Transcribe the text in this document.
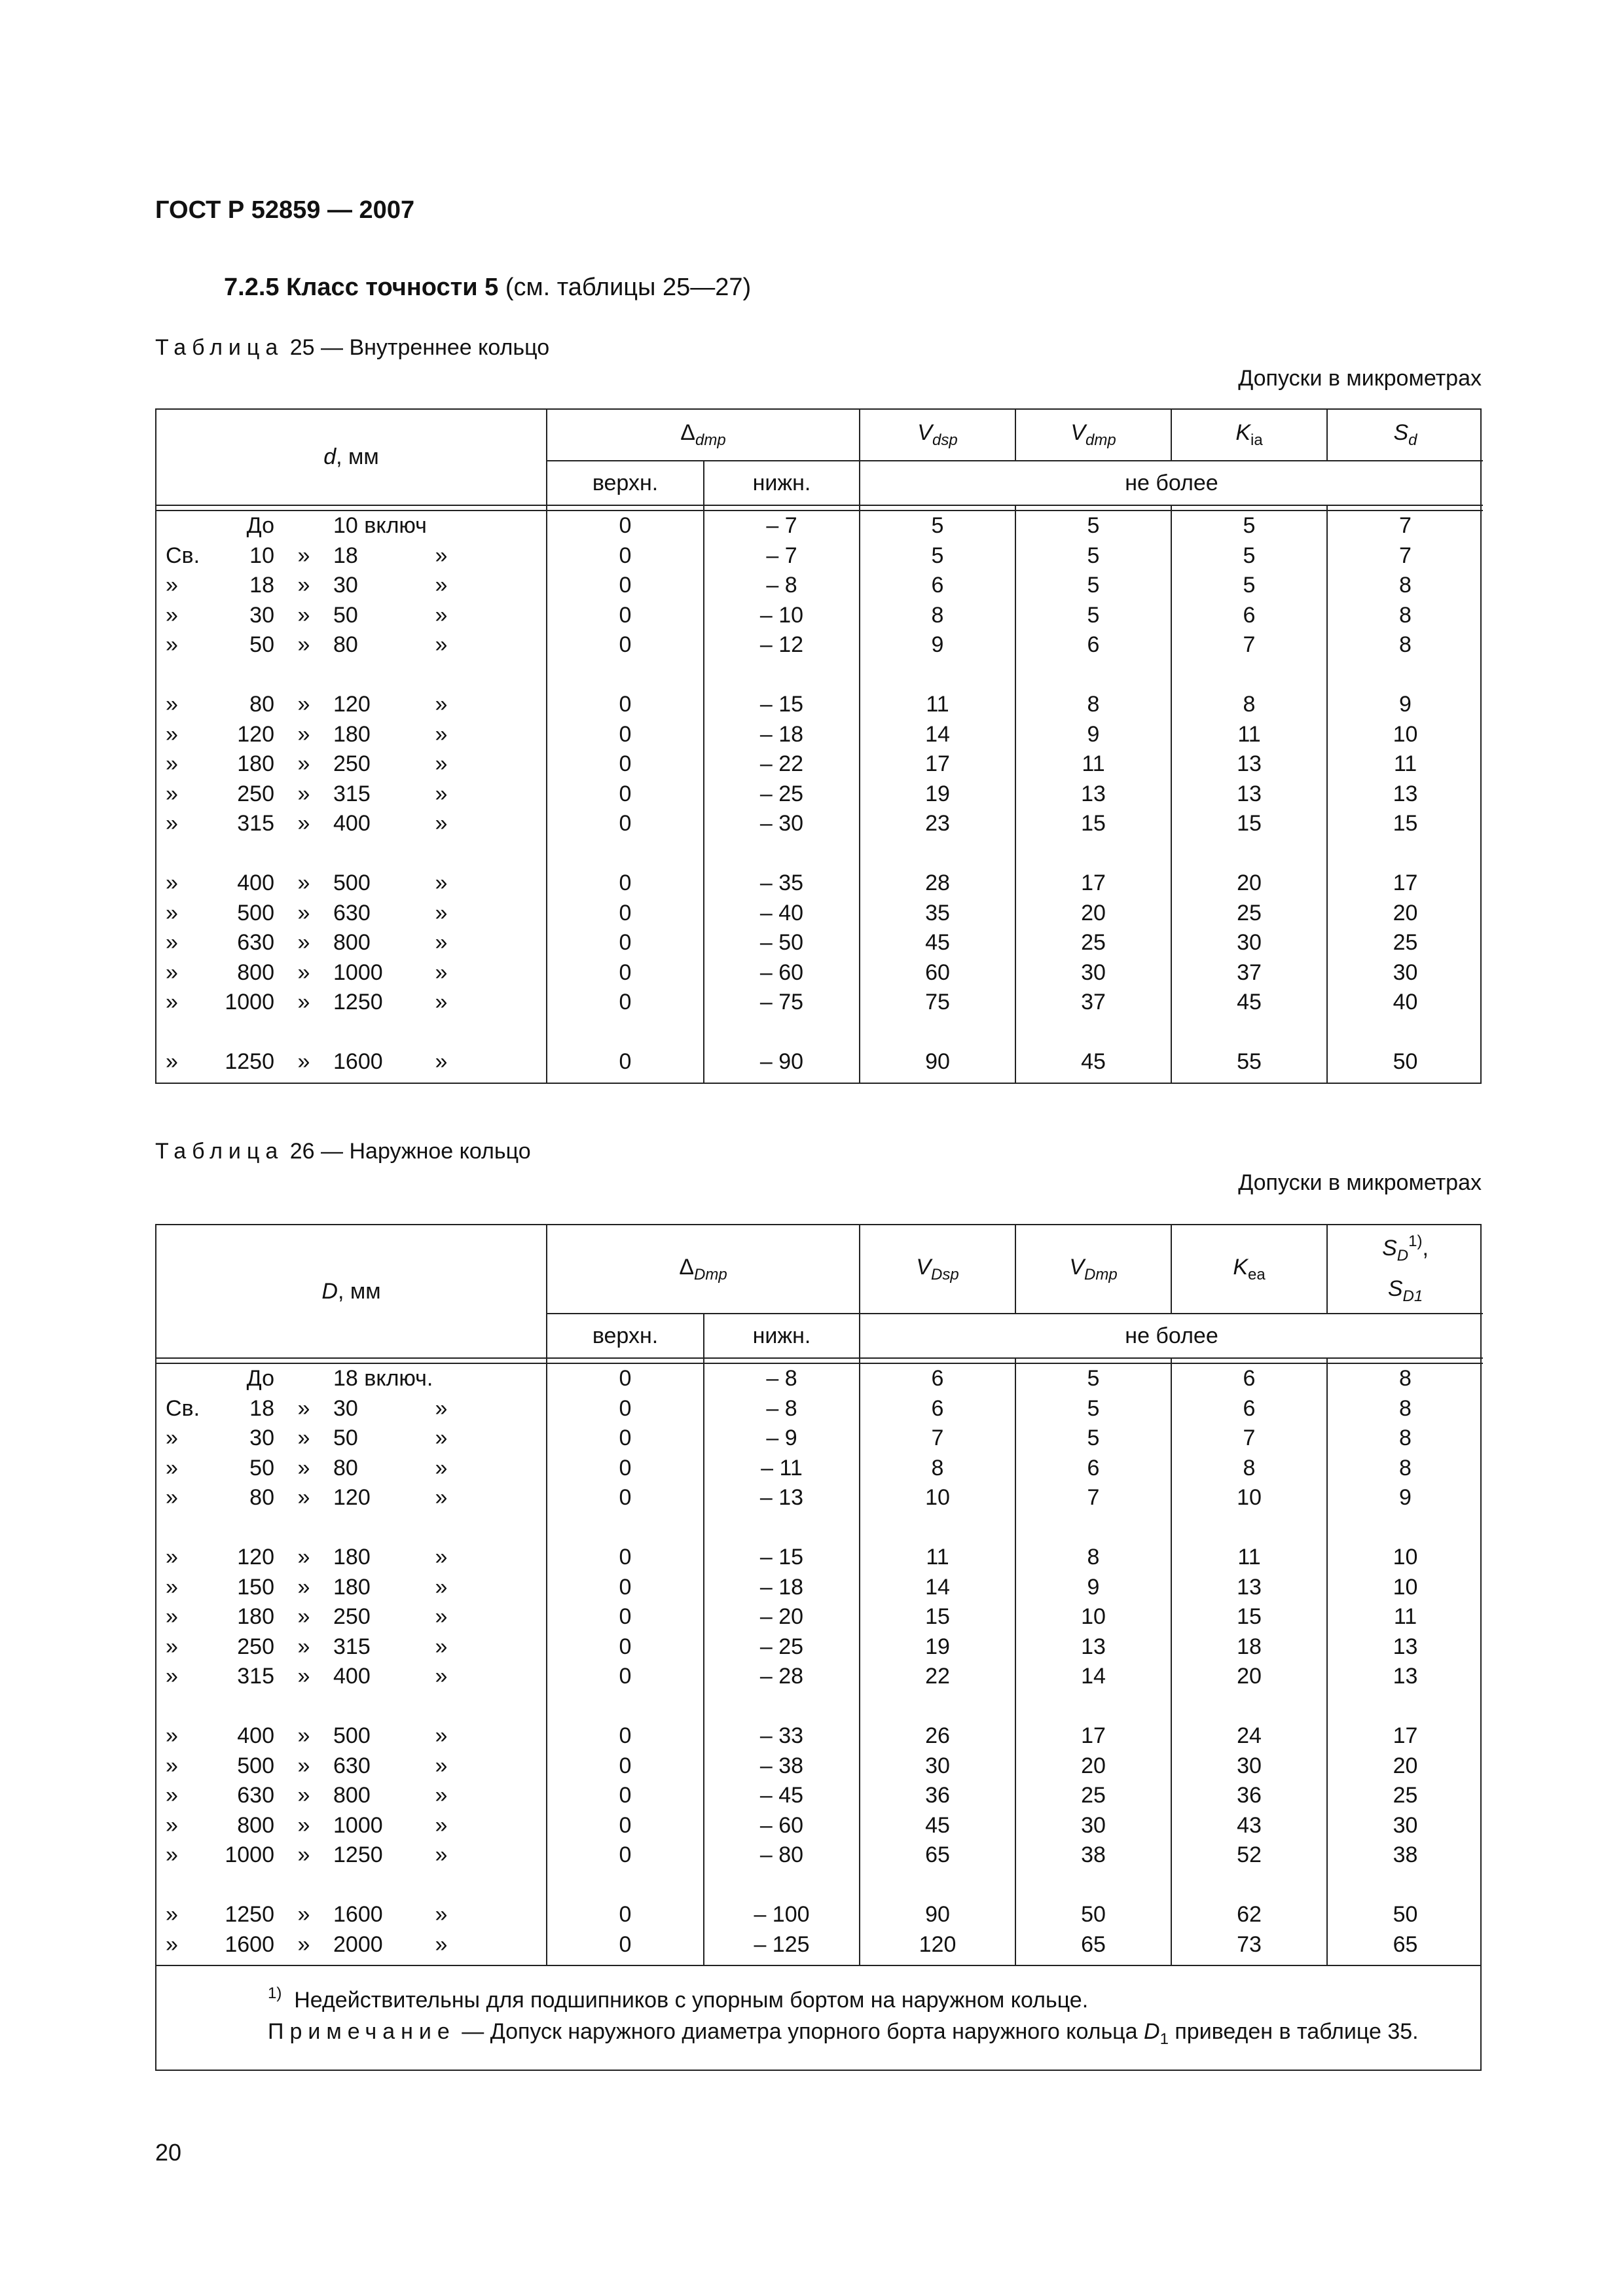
ГОСТ Р 52859 — 2007
7.2.5 Класс точности 5 (см. таблицы 25—27)
Таблица 25 — Внутреннее кольцо
Допуски в микрометрах
d, мм	$\Delta_{dmp}$		$V_{dsp}$	$V_{dmp}$	$K_{ia}$	$S_d$
	верхн.	нижн.	не более			

До 10 включ	0	– 7	5	5	5	7

Св. 10 » 18 »	0	– 7	5	5	5	7

» 18 » 30 »	0	– 8	6	5	5	8

» 30 » 50 »	0	– 10	8	5	6	8

» 50 » 80 »	0	– 12	9	6	7	8

» 80 » 120 »	0	– 15	11	8	8	9

» 120 » 180 »	0	– 18	14	9	11	10

» 180 » 250 »	0	– 22	17	11	13	11

» 250 » 315 »	0	– 25	19	13	13	13

» 315 » 400 »	0	– 30	23	15	15	15

» 400 » 500 »	0	– 35	28	17	20	17

» 500 » 630 »	0	– 40	35	20	25	20

» 630 » 800 »	0	– 50	45	25	30	25

» 800 » 1000 »	0	– 60	60	30	37	30

» 1000 » 1250 »	0	– 75	75	37	45	40

» 1250 » 1600 »	0	– 90	90	45	55	50

Таблица 26 — Наружное кольцо
Допуски в микрометрах
D, мм	$\Delta_{Dmp}$		$V_{Dsp}$	$V_{Dmp}$	$K_{ea}$	$S_D^{1)}$,
$S_{D1}$
	верхн.	нижн.	не более			

До 18 включ.	0	– 8	6	5	6	8

Св. 18 » 30 »	0	– 8	6	5	6	8

» 30 » 50 »	0	– 9	7	5	7	8

» 50 » 80 »	0	– 11	8	6	8	8

» 80 » 120 »	0	– 13	10	7	10	9

» 120 » 180 »	0	– 15	11	8	11	10

» 150 » 180 »	0	– 18	14	9	13	10

» 180 » 250 »	0	– 20	15	10	15	11

» 250 » 315 »	0	– 25	19	13	18	13

» 315 » 400 »	0	– 28	22	14	20	13

» 400 » 500 »	0	– 33	26	17	24	17

» 500 » 630 »	0	– 38	30	20	30	20

» 630 » 800 »	0	– 45	36	25	36	25

» 800 » 1000 »	0	– 60	45	30	43	30

» 1000 » 1250 »	0	– 80	65	38	52	38

» 1250 » 1600 »	0	– 100	90	50	62	50

» 1600 » 2000 »	0	– 125	120	65	73	65

$^{1)}$ Недействительны для подшипников с упорным бортом на наружном кольце.

Примечание — Допуск наружного диаметра упорного борта наружного кольца $D_1$ приведен в таблице 35.

20
